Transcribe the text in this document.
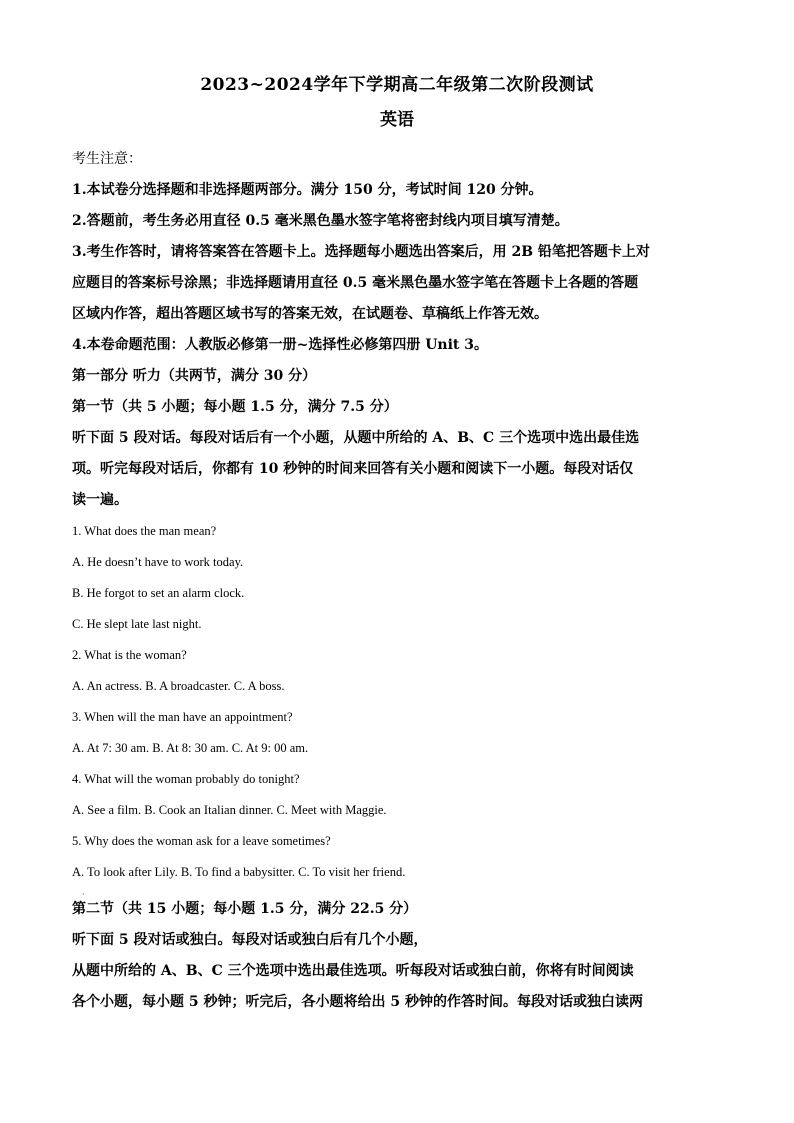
2023~2024学年下学期高二年级第二次阶段测试
英语
考生注意：
1.本试卷分选择题和非选择题两部分。满分 150 分，考试时间 120 分钟。
2.答题前，考生务必用直径 0.5 毫米黑色墨水签字笔将密封线内项目填写清楚。
3.考生作答时，请将答案答在答题卡上。选择题每小题选出答案后，用 2B 铅笔把答题卡上对
应题目的答案标号涂黑；非选择题请用直径 0.5 毫米黑色墨水签字笔在答题卡上各题的答题
区域内作答，超出答题区域书写的答案无效，在试题卷、草稿纸上作答无效。
4.本卷命题范围：人教版必修第一册~选择性必修第四册 Unit 3。
第一部分 听力（共两节，满分 30 分）
第一节（共 5 小题；每小题 1.5 分，满分 7.5 分）
听下面 5 段对话。每段对话后有一个小题，从题中所给的 A、B、C 三个选项中选出最佳选
项。听完每段对话后，你都有 10 秒钟的时间来回答有关小题和阅读下一小题。每段对话仅
读一遍。
1. What does the man mean?
A. He doesn’t have to work today.
B. He forgot to set an alarm clock.
C. He slept late last night.
2. What is the woman?
A. An actress. B. A broadcaster. C. A boss.
3. When will the man have an appointment?
A. At 7: 30 am. B. At 8: 30 am. C. At 9: 00 am.
4. What will the woman probably do tonight?
A. See a film. B. Cook an Italian dinner. C. Meet with Maggie.
5. Why does the woman ask for a leave sometimes?
A. To look after Lily. B. To find a babysitter. C. To visit her friend.
第二节（共 15 小题；每小题 1.5 分，满分 22.5 分）
听下面 5 段对话或独白。每段对话或独白后有几个小题，
从题中所给的 A、B、C 三个选项中选出最佳选项。听每段对话或独白前，你将有时间阅读
各个小题，每小题 5 秒钟；听完后，各小题将给出 5 秒钟的作答时间。每段对话或独白读两
·
